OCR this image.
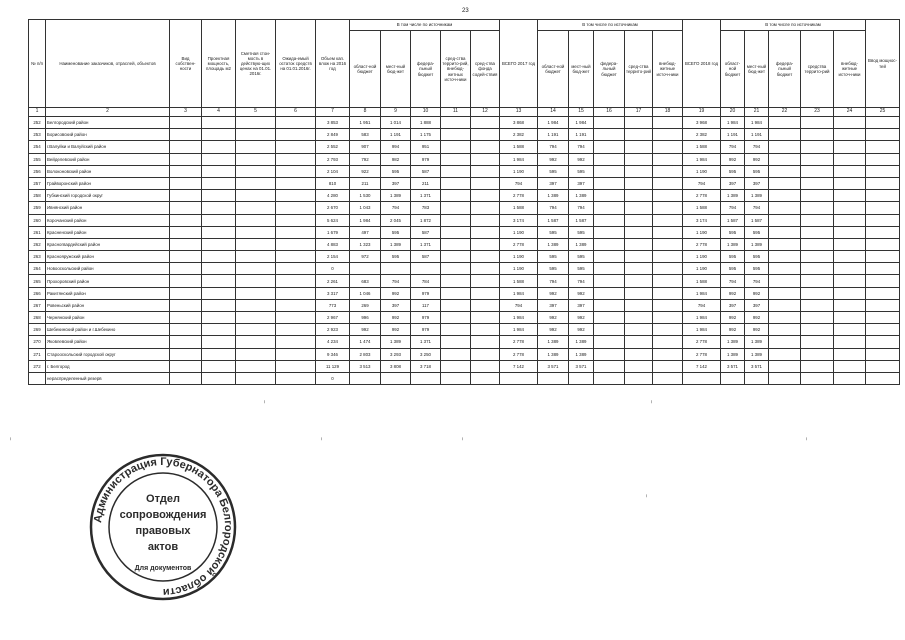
23
№ п/п	Наименование заказчиков, отраслей, объектов	Вид собствен-ности	Проектная мощность, площадь м2	Сметная стои-мость в действую-щих ценах на 01.01. 2016г.	Ожида-емый остаток средств на 01.01.2016г.	Объем кап. влож на 2016 год	В том числе по источникам					ВСЕГО 2017 год	В том числе по источникам					ВСЕГО 2018 год	В том числе по источникам					Ввод мощнос-тей
							област-ной бюджет	мест-ный бюд-жет	федера-льный бюджет	сред-ства террито-рий, внебюд-жетных источ-ники	сред-ства фонда содей-ствия		област-ной бюджет	мест-ный бюд-жет	федера-льный бюджет	сред-ства террито-рий	внебюд-жетные источ-ники		област-ной бюджет	мест-ный бюд-жет	федера-льный бюджет	средства террито-рий	внебюд-жетные источ-ники	
1	2	3	4	5	6	7	8	9	10	11	12	13	14	15	16	17	18	19	20	21	22	23	24	25
252	Белгородский район					3 853	1 951	1 014	1 888			3 868	1 984	1 984				3 968	1 984	1 984				
253	Борисовский район					2 849	583	1 191	1 175			2 382	1 191	1 191				2 382	1 191	1 191				
254	г.Валуйки и Валуйский район					2 552	907	994	951			1 588	794	794				1 588	794	794				
255	Вейделевский район					2 793	792	982	979			1 984	992	992				1 984	992	992				
256	Волоконовский район					2 104	922	595	587			1 190	595	595				1 190	595	595				
257	Грайворонский район					810	211	397	211			794	397	397				794	397	397				
258	Губкинский городской округ					4 280	1 530	1 389	1 371			2 778	1 389	1 389				2 778	1 389	1 389				
259	Ивнянский район					2 670	1 043	794	783			1 588	794	794				1 588	794	794				
260	Корочанский район					5 624	1 984	2 045	1 872			3 174	1 587	1 587				3 174	1 587	1 587				
261	Красненский район					1 679	497	595	587			1 190	595	595				1 190	595	595				
262	Красногвардейский район					4 883	1 323	1 389	1 371			2 778	1 389	1 389				2 778	1 389	1 389				
263	Краснояружский район					2 154	972	595	587			1 190	595	595				1 190	595	595				
264	Новооскольский район					0						1 190	595	595				1 190	595	595				
265	Прохоровский район					2 261	683	794	784			1 588	794	794				1 588	794	794				
266	Ракитянский район					3 317	1 046	992	979			1 984	992	992				1 984	992	992				
267	Ровеньский район					773	269	397	117			794	397	397				794	397	397				
268	Чернянский район					2 967	996	992	979			1 984	992	992				1 984	992	992				
269	Шебекинский район и г.Шебекино					2 923	992	992	979			1 984	992	992				1 984	992	992				
270	Яковлевский район					4 234	1 474	1 389	1 371			2 778	1 389	1 389				2 778	1 389	1 389				
271	Старооскольский городской округ					9 346	2 803	3 293	3 250			2 778	1 389	1 389				2 778	1 389	1 389				
272	г. Белгород					11 129	3 513	3 808	3 718			7 142	3 571	3 571				7 142	3 571	3 571				
	нераспределенный резерв					0																		
Администрация Губернатора Белгородской области
Отдел
сопровождения
правовых
актов
Для документов
╷	╷
╵	╵	╵	╵
╵
